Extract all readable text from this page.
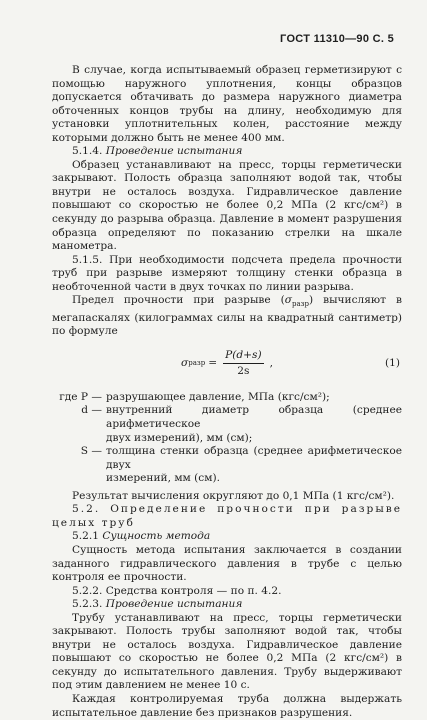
ГОСТ 11310—90 С. 5

В случае, когда испытываемый образец герметизируют с помощью наружного уплотнения, концы образцов допускается обтачивать до размера наружного диаметра обточенных концов трубы на длину, необходимую для установки уплотнительных колен, расстояние между которыми должно быть не менее 400 мм.

5.1.4. Проведение испытания

Образец устанавливают на пресс, торцы герметически закрывают. Полость образца заполняют водой так, чтобы внутри не осталось воздуха. Гидравлическое давление повышают со скоростью не более 0,2 МПа (2 кгс/см²) в секунду до разрыва образца. Давление в момент разрушения образца определяют по показанию стрелки на шкале манометра.

5.1.5. При необходимости подсчета предела прочности труб при разрыве измеряют толщину стенки образца в необточенной части в двух точках по линии разрыва.

Предел прочности при разрыве $(\sigma_{разр})$ вычисляют в мегапаскалях (килограммах силы на квадратный сантиметр) по формуле

σ разр = $\frac{P(d+s)}{2s}$ ,	(1)
где P — разрушающее давление, МПа (кгс/см²);
d — внутренний диаметр образца (среднее арифметическое
двух измерений), мм (см);
S — толщина стенки образца (среднее арифметическое двух
измерений, мм (см).

Результат вычисления округляют до 0,1 МПа (1 кгс/см²).

5.2. Определение прочности при разрыве целых труб

5.2.1 Сущность метода

Сущность метода испытания заключается в создании заданного гидравлического давления в трубе с целью контроля ее прочности.

5.2.2. Средства контроля — по п. 4.2.

5.2.3. Проведение испытания

Трубу устанавливают на пресс, торцы герметически закрывают. Полость трубы заполняют водой так, чтобы внутри не осталось воздуха. Гидравлическое давление повышают со скоростью не более 0,2 МПа (2 кгс/см²) в секунду до испытательного давления. Трубу выдерживают под этим давлением не менее 10 с.

Каждая контролируемая труба должна выдержать испытательное давление без признаков разрушения.
